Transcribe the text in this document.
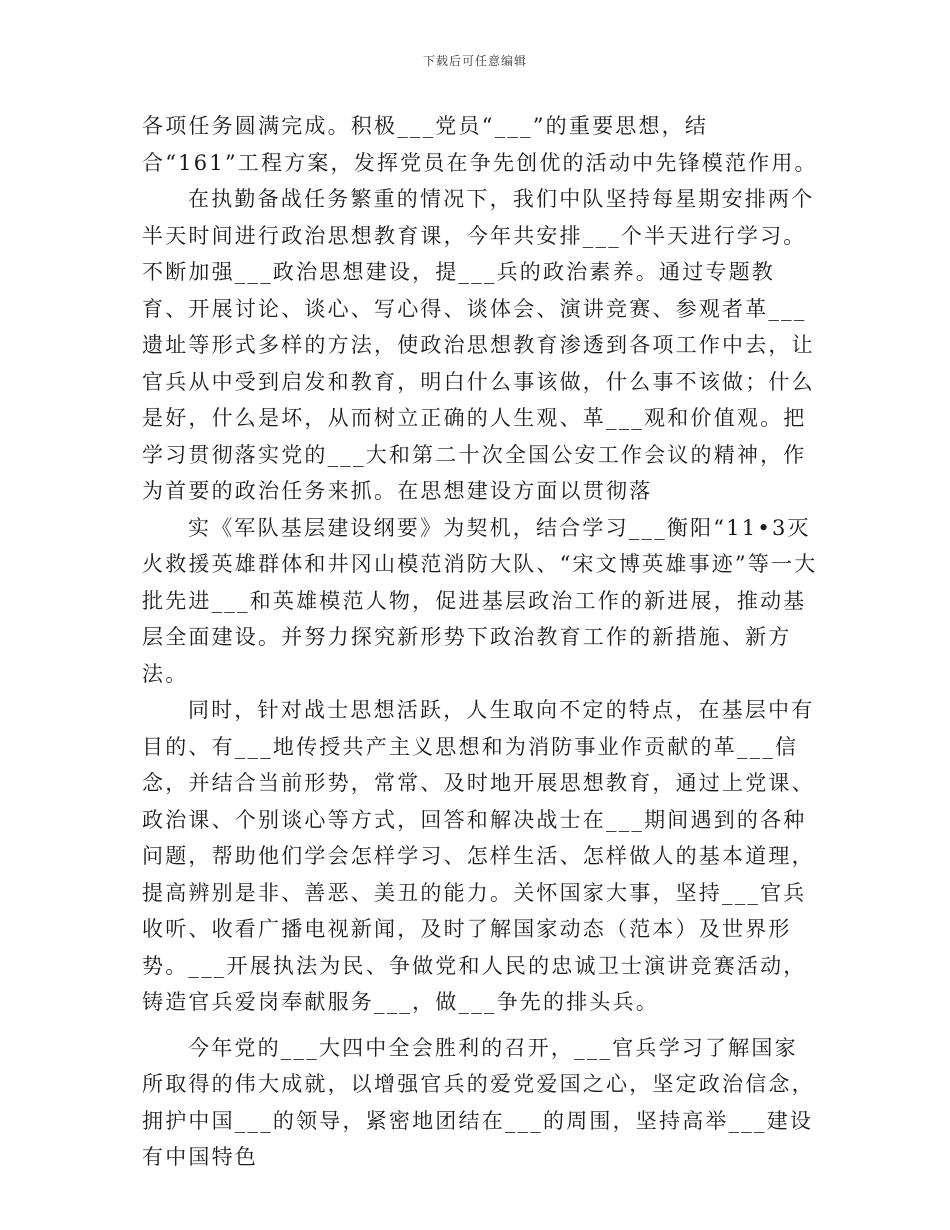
下载后可任意编辑

各项任务圆满完成。积极___党员“___”的重要思想，结合“161”工程方案，发挥党员在争先创优的活动中先锋模范作用。

在执勤备战任务繁重的情况下，我们中队坚持每星期安排两个半天时间进行政治思想教育课，今年共安排___个半天进行学习。不断加强___政治思想建设，提___兵的政治素养。通过专题教育、开展讨论、谈心、写心得、谈体会、演讲竞赛、参观者革___遗址等形式多样的方法，使政治思想教育渗透到各项工作中去，让官兵从中受到启发和教育，明白什么事该做，什么事不该做；什么是好，什么是坏，从而树立正确的人生观、革___观和价值观。把学习贯彻落实党的___大和第二十次全国公安工作会议的精神，作为首要的政治任务来抓。在思想建设方面以贯彻落

实《军队基层建设纲要》为契机，结合学习___衡阳“11•3灭火救援英雄群体和井冈山模范消防大队、“宋文博英雄事迹”等一大批先进___和英雄模范人物，促进基层政治工作的新进展，推动基层全面建设。并努力探究新形势下政治教育工作的新措施、新方法。

同时，针对战士思想活跃，人生取向不定的特点，在基层中有目的、有___地传授共产主义思想和为消防事业作贡献的革___信念，并结合当前形势，常常、及时地开展思想教育，通过上党课、政治课、个别谈心等方式，回答和解决战士在___期间遇到的各种问题，帮助他们学会怎样学习、怎样生活、怎样做人的基本道理，提高辨别是非、善恶、美丑的能力。关怀国家大事，坚持___官兵收听、收看广播电视新闻，及时了解国家动态（范本）及世界形势。___开展执法为民、争做党和人民的忠诚卫士演讲竞赛活动，铸造官兵爱岗奉献服务___，做___争先的排头兵。

今年党的___大四中全会胜利的召开，___官兵学习了解国家所取得的伟大成就，以增强官兵的爱党爱国之心，坚定政治信念，拥护中国___的领导，紧密地团结在___的周围，坚持高举___建设有中国特色
